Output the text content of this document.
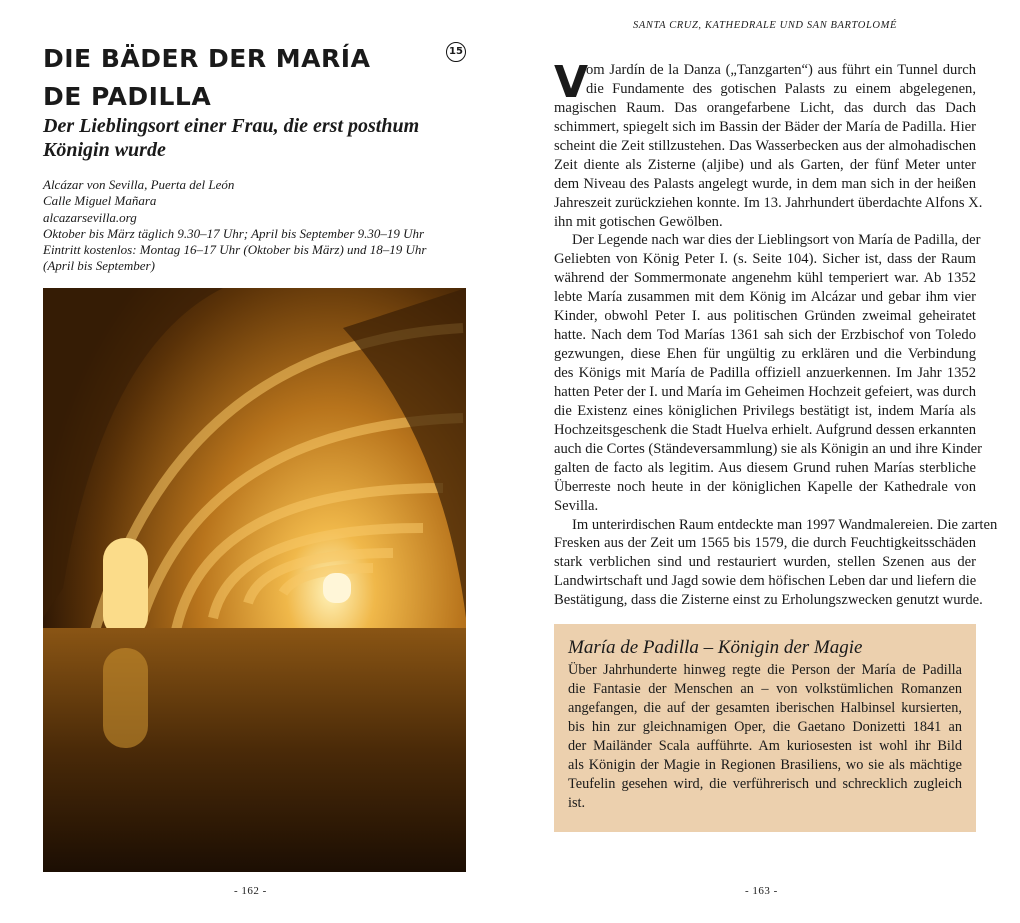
DIE BÄDER DER MARÍA
DE PADILLA
15
Der Lieblingsort einer Frau, die erst posthum Königin wurde
Alcázar von Sevilla, Puerta del León
Calle Miguel Mañara
alcazarsevilla.org
Oktober bis März täglich 9.30–17 Uhr; April bis September 9.30–19 Uhr
Eintritt kostenlos: Montag 16–17 Uhr (Oktober bis März) und 18–19 Uhr
(April bis September)
SANTA CRUZ, KATHEDRALE UND SAN BARTOLOMÉ
V
om Jardín de la Danza („Tanzgarten“) aus führt ein Tunnel durch
die Fundamente des gotischen Palasts zu einem abgelegenen,
magischen Raum. Das orangefarbene Licht, das durch das Dach
schimmert, spiegelt sich im Bassin der Bäder der María de Padilla. Hier
scheint die Zeit stillzustehen. Das Wasserbecken aus der almohadischen
Zeit diente als Zisterne (aljibe) und als Garten, der fünf Meter unter
dem Niveau des Palasts angelegt wurde, in dem man sich in der heißen
Jahreszeit zurückziehen konnte. Im 13. Jahrhundert überdachte Alfons X.
ihn mit gotischen Gewölben.
Der Legende nach war dies der Lieblingsort von María de Padilla, der
Geliebten von König Peter I. (s. Seite 104). Sicher ist, dass der Raum
während der Sommermonate angenehm kühl temperiert war. Ab 1352
lebte María zusammen mit dem König im Alcázar und gebar ihm vier
Kinder, obwohl Peter I. aus politischen Gründen zweimal geheiratet
hatte. Nach dem Tod Marías 1361 sah sich der Erzbischof von Toledo
gezwungen, diese Ehen für ungültig zu erklären und die Verbindung
des Königs mit María de Padilla offiziell anzuerkennen. Im Jahr 1352
hatten Peter der I. und María im Geheimen Hochzeit gefeiert, was durch
die Existenz eines königlichen Privilegs bestätigt ist, indem María als
Hochzeitsgeschenk die Stadt Huelva erhielt. Aufgrund dessen erkannten
auch die Cortes (Ständeversammlung) sie als Königin an und ihre Kinder
galten de facto als legitim. Aus diesem Grund ruhen Marías sterbliche
Überreste noch heute in der königlichen Kapelle der Kathedrale von
Sevilla.
Im unterirdischen Raum entdeckte man 1997 Wandmalereien. Die zarten
Fresken aus der Zeit um 1565 bis 1579, die durch Feuchtigkeitsschäden
stark verblichen sind und restauriert wurden, stellen Szenen aus der
Landwirtschaft und Jagd sowie dem höfischen Leben dar und liefern die
Bestätigung, dass die Zisterne einst zu Erholungszwecken genutzt wurde.
María de Padilla – Königin der Magie
Über Jahrhunderte hinweg regte die Person der María de Padilla
die Fantasie der Menschen an – von volkstümlichen Romanzen
angefangen, die auf der gesamten iberischen Halbinsel kursierten,
bis hin zur gleichnamigen Oper, die Gaetano Donizetti 1841 an
der Mailänder Scala aufführte. Am kuriosesten ist wohl ihr Bild
als Königin der Magie in Regionen Brasiliens, wo sie als mächtige
Teufelin gesehen wird, die verführerisch und schrecklich zugleich
ist.
- 162 -	- 163 -
